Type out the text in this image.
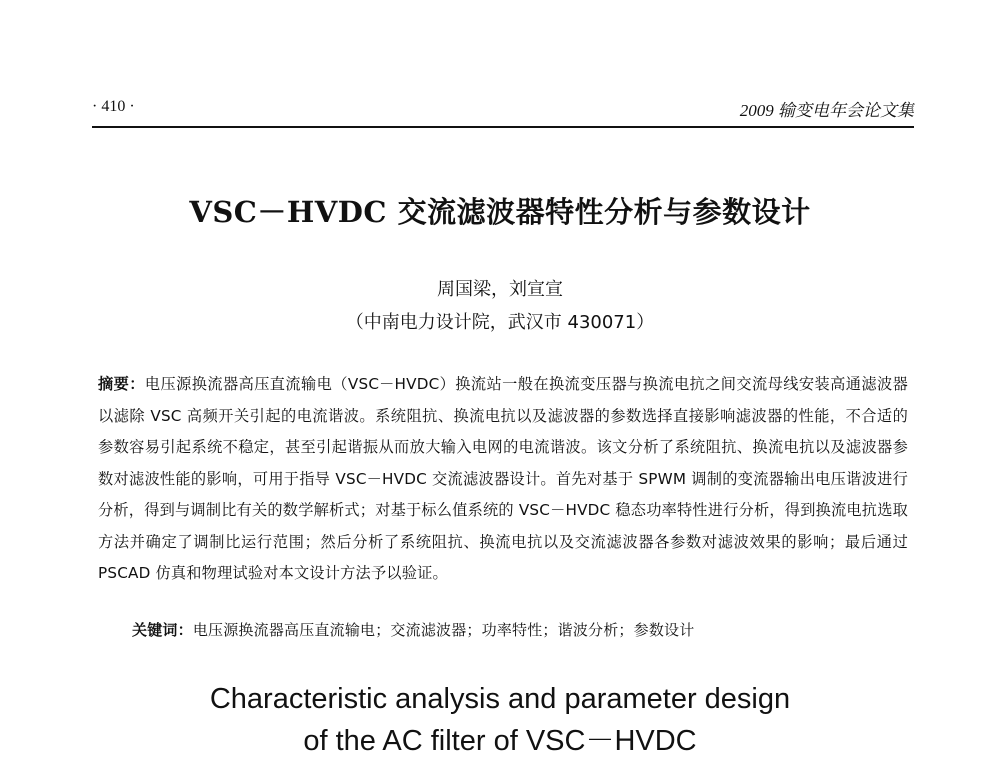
· 410 ·	2009 输变电年会论文集
VSC－HVDC 交流滤波器特性分析与参数设计
周国梁，刘宣宣
（中南电力设计院，武汉市 430071）
摘要：电压源换流器高压直流输电（VSC－HVDC）换流站一般在换流变压器与换流电抗之间交流母线安装高通滤波器以滤除 VSC 高频开关引起的电流谐波。系统阻抗、换流电抗以及滤波器的参数选择直接影响滤波器的性能，不合适的参数容易引起系统不稳定，甚至引起谐振从而放大输入电网的电流谐波。该文分析了系统阻抗、换流电抗以及滤波器参数对滤波性能的影响，可用于指导 VSC－HVDC 交流滤波器设计。首先对基于 SPWM 调制的变流器输出电压谐波进行分析，得到与调制比有关的数学解析式；对基于标么值系统的 VSC－HVDC 稳态功率特性进行分析，得到换流电抗选取方法并确定了调制比运行范围；然后分析了系统阻抗、换流电抗以及交流滤波器各参数对滤波效果的影响；最后通过 PSCAD 仿真和物理试验对本文设计方法予以验证。
关键词：电压源换流器高压直流输电；交流滤波器；功率特性；谐波分析；参数设计
Characteristic analysis and parameter design
of the AC filter of VSC－HVDC
